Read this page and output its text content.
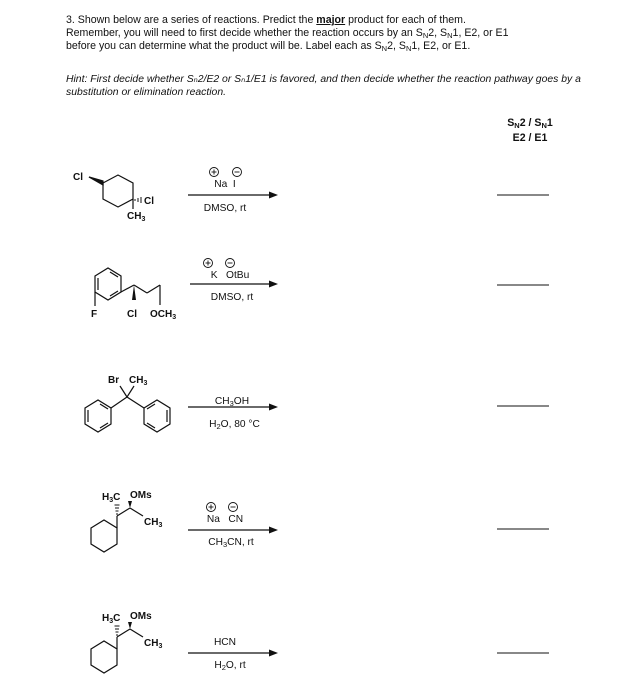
3. Shown below are a series of reactions. Predict the major product for each of them.
Remember, you will need to first decide whether the reaction occurs by an $S_N2$, $S_N1$, E2, or E1
before you can determine what the product will be. Label each as $S_N2$, $S_N1$, E2, or E1.
Hint: First decide whether Sₙ2/E2 or Sₙ1/E1 is favored, and then decide whether the reaction pathway goes by a substitution or elimination reaction.
$S_N2 / S_N1$
E2 / E1
Na I
DMSO, rt
K OtBu
DMSO, rt
$CH_3OH$
$H_2O$, 80 °C
Na CN
$CH_3CN$, rt
HCN
$H_2O$, rt
Cl
Cl
$CH_3$
F	Cl $OCH_3$
Br $CH_3$
$H_3C$ OMs
$CH_3$
$H_3C$ OMs
$CH_3$
